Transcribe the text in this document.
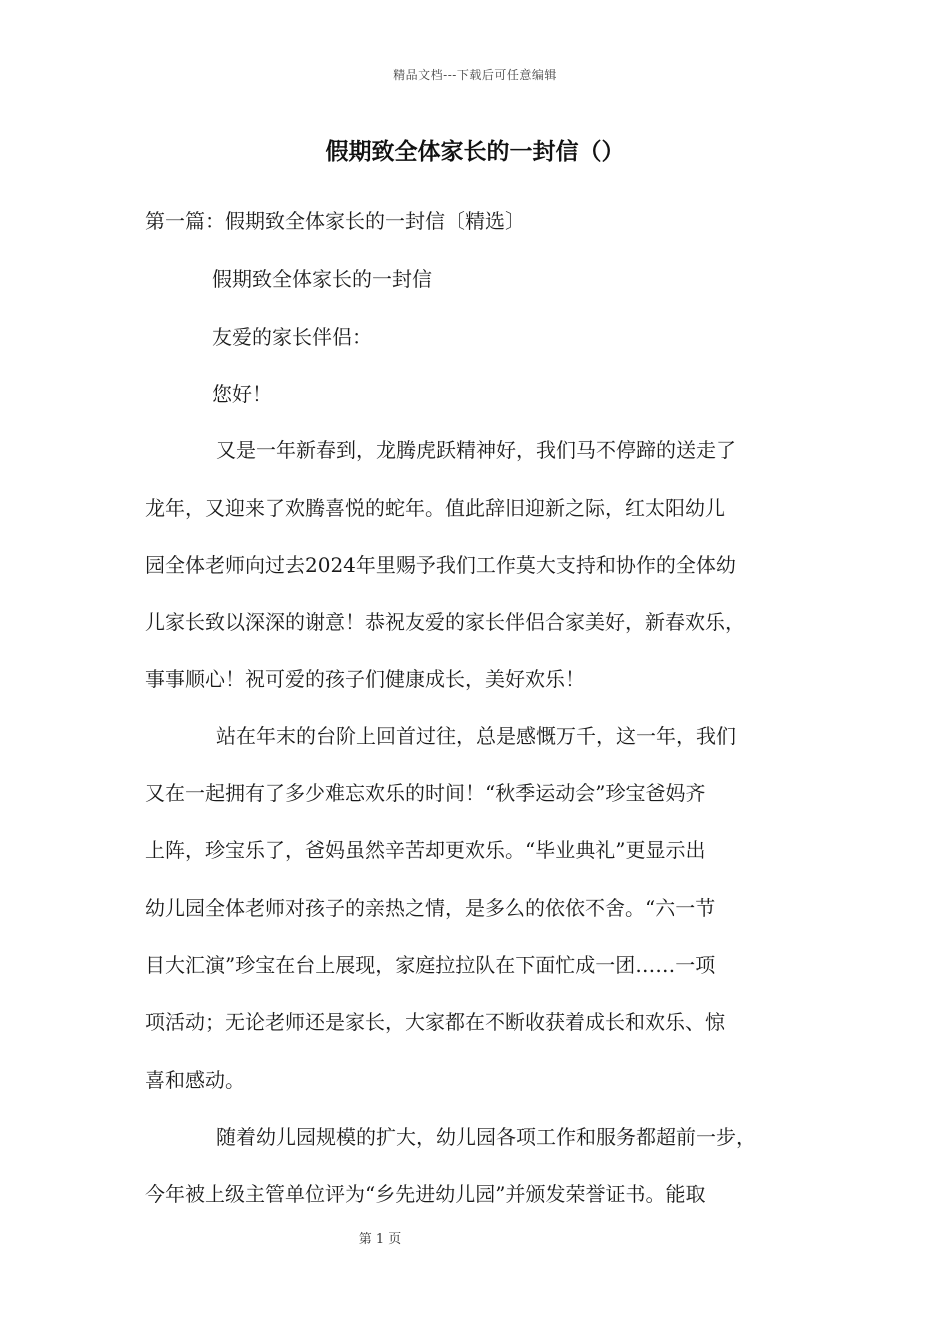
精品文档---下载后可任意编辑
假期致全体家长的一封信（）
第一篇：假期致全体家长的一封信〔精选〕
假期致全体家长的一封信
友爱的家长伴侣：
您好！
又是一年新春到，龙腾虎跃精神好，我们马不停蹄的送走了
龙年，又迎来了欢腾喜悦的蛇年。值此辞旧迎新之际，红太阳幼儿
园全体老师向过去2024年里赐予我们工作莫大支持和协作的全体幼
儿家长致以深深的谢意！恭祝友爱的家长伴侣合家美好，新春欢乐，
事事顺心！祝可爱的孩子们健康成长，美好欢乐！
站在年末的台阶上回首过往，总是感慨万千，这一年，我们
又在一起拥有了多少难忘欢乐的时间！“秋季运动会”珍宝爸妈齐
上阵，珍宝乐了，爸妈虽然辛苦却更欢乐。“毕业典礼”更显示出
幼儿园全体老师对孩子的亲热之情，是多么的依依不舍。“六一节
目大汇演”珍宝在台上展现，家庭拉拉队在下面忙成一团……一项
项活动；无论老师还是家长，大家都在不断收获着成长和欢乐、惊
喜和感动。
随着幼儿园规模的扩大，幼儿园各项工作和服务都超前一步，
今年被上级主管单位评为“乡先进幼儿园”并颁发荣誉证书。能取
第 1 页
